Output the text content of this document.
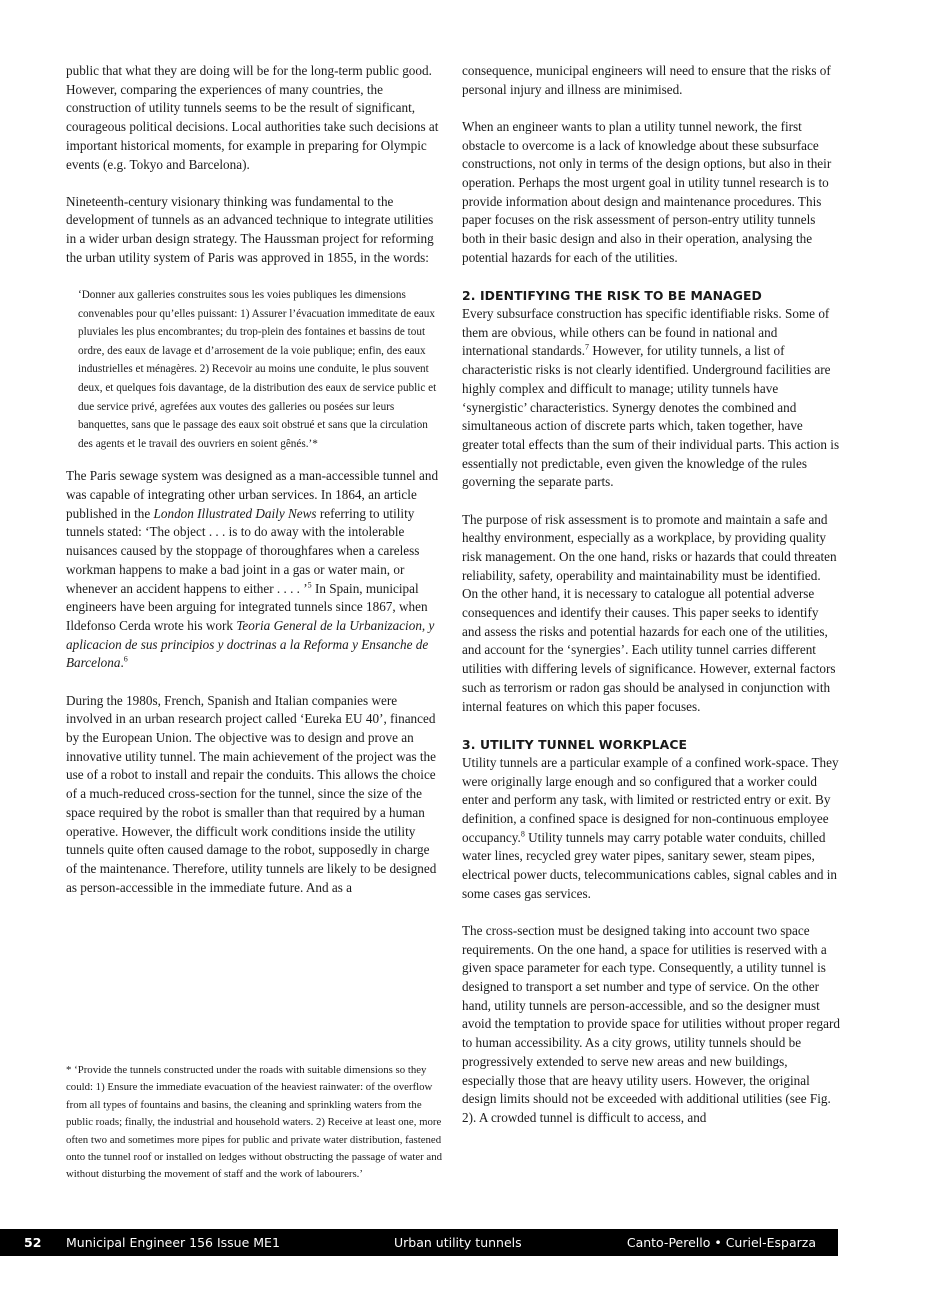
public that what they are doing will be for the long-term public good. However, comparing the experiences of many countries, the construction of utility tunnels seems to be the result of significant, courageous political decisions. Local authorities take such decisions at important historical moments, for example in preparing for Olympic events (e.g. Tokyo and Barcelona).

Nineteenth-century visionary thinking was fundamental to the development of tunnels as an advanced technique to integrate utilities in a wider urban design strategy. The Haussman project for reforming the urban utility system of Paris was approved in 1855, in the words:

‘Donner aux galleries construites sous les voies publiques les dimensions convenables pour qu’elles puissant: 1) Assurer l’évacuation immeditate de eaux pluviales les plus encombrantes; du trop-plein des fontaines et bassins de tout ordre, des eaux de lavage et d’arrosement de la voie publique; enfin, des eaux industrielles et ménagères. 2) Recevoir au moins une conduite, le plus souvent deux, et quelques fois davantage, de la distribution des eaux de service public et due service privé, agrefées aux voutes des galleries ou posées sur leurs banquettes, sans que le passage des eaux soit obstrué et sans que la circulation des agents et le travail des ouvriers en soient gênés.’*

The Paris sewage system was designed as a man-accessible tunnel and was capable of integrating other urban services. In 1864, an article published in the London Illustrated Daily News referring to utility tunnels stated: ‘The object . . . is to do away with the intolerable nuisances caused by the stoppage of thoroughfares when a careless workman happens to make a bad joint in a gas or water main, or whenever an accident happens to either . . . . ’$^5$ In Spain, municipal engineers have been arguing for integrated tunnels since 1867, when Ildefonso Cerda wrote his work Teoria General de la Urbanizacion, y aplicacion de sus principios y doctrinas a la Reforma y Ensanche de Barcelona.$^6$

During the 1980s, French, Spanish and Italian companies were involved in an urban research project called ‘Eureka EU 40’, financed by the European Union. The objective was to design and prove an innovative utility tunnel. The main achievement of the project was the use of a robot to install and repair the conduits. This allows the choice of a much-reduced cross-section for the tunnel, since the size of the space required by the robot is smaller than that required by a human operative. However, the difficult work conditions inside the utility tunnels quite often caused damage to the robot, supposedly in charge of the maintenance. Therefore, utility tunnels are likely to be designed as person-accessible in the immediate future. And as a

* ‘Provide the tunnels constructed under the roads with suitable dimensions so they could: 1) Ensure the immediate evacuation of the heaviest rainwater: of the overflow from all types of fountains and basins, the cleaning and sprinkling waters from the public roads; finally, the industrial and household waters. 2) Receive at least one, more often two and sometimes more pipes for public and private water distribution, fastened onto the tunnel roof or installed on ledges without obstructing the passage of water and without disturbing the movement of staff and the work of labourers.’

consequence, municipal engineers will need to ensure that the risks of personal injury and illness are minimised.

When an engineer wants to plan a utility tunnel nework, the first obstacle to overcome is a lack of knowledge about these subsurface constructions, not only in terms of the design options, but also in their operation. Perhaps the most urgent goal in utility tunnel research is to provide information about design and maintenance procedures. This paper focuses on the risk assessment of person-entry utility tunnels both in their basic design and also in their operation, analysing the potential hazards for each of the utilities.

2. IDENTIFYING THE RISK TO BE MANAGED

Every subsurface construction has specific identifiable risks. Some of them are obvious, while others can be found in national and international standards.$^7$ However, for utility tunnels, a list of characteristic risks is not clearly identified. Underground facilities are highly complex and difficult to manage; utility tunnels have ‘synergistic’ characteristics. Synergy denotes the combined and simultaneous action of discrete parts which, taken together, have greater total effects than the sum of their individual parts. This action is essentially not predictable, even given the knowledge of the rules governing the separate parts.

The purpose of risk assessment is to promote and maintain a safe and healthy environment, especially as a workplace, by providing quality risk management. On the one hand, risks or hazards that could threaten reliability, safety, operability and maintainability must be identified. On the other hand, it is necessary to catalogue all potential adverse consequences and identify their causes. This paper seeks to identify and assess the risks and potential hazards for each one of the utilities, and account for the ‘synergies’. Each utility tunnel carries different utilities with differing levels of significance. However, external factors such as terrorism or radon gas should be analysed in conjunction with internal features on which this paper focuses.

3. UTILITY TUNNEL WORKPLACE

Utility tunnels are a particular example of a confined work-space. They were originally large enough and so configured that a worker could enter and perform any task, with limited or restricted entry or exit. By definition, a confined space is designed for non-continuous employee occupancy.$^8$ Utility tunnels may carry potable water conduits, chilled water lines, recycled grey water pipes, sanitary sewer, steam pipes, electrical power ducts, telecommunications cables, signal cables and in some cases gas services.

The cross-section must be designed taking into account two space requirements. On the one hand, a space for utilities is reserved with a given space parameter for each type. Consequently, a utility tunnel is designed to transport a set number and type of service. On the other hand, utility tunnels are person-accessible, and so the designer must avoid the temptation to provide space for utilities without proper regard to human accessibility. As a city grows, utility tunnels should be progressively extended to serve new areas and new buildings, especially those that are heavy utility users. However, the original design limits should not be exceeded with additional utilities (see Fig. 2). A crowded tunnel is difficult to access, and

52 Municipal Engineer 156 Issue ME1	Urban utility tunnels	Canto-Perello • Curiel-Esparza
